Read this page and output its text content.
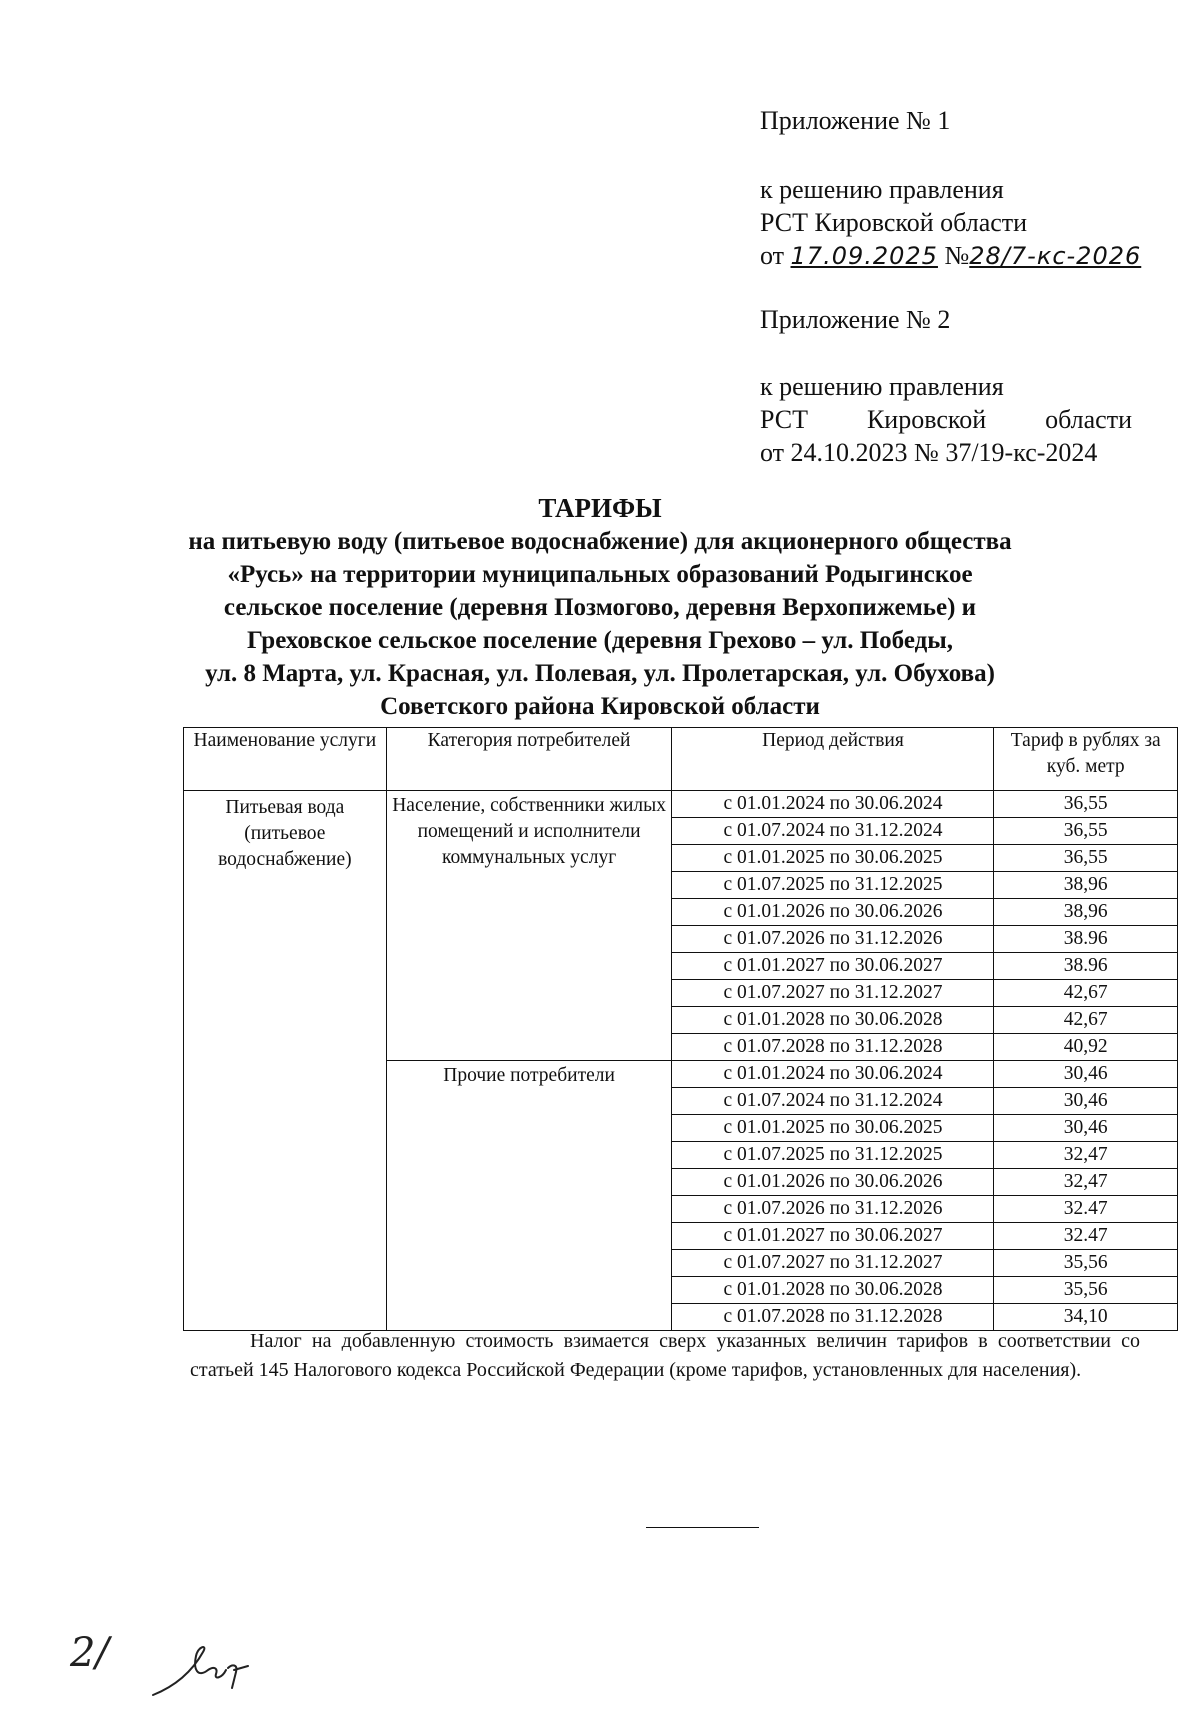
Приложение № 1
к решению правления
РСТ Кировской области
от 17.09.2025 №28/7-кс-2026
Приложение № 2
к решению правления
РСТ Кировской области
от 24.10.2023 № 37/19-кс-2024
ТАРИФЫ
на питьевую воду (питьевое водоснабжение) для акционерного общества
«Русь» на территории муниципальных образований Родыгинское
сельское поселение (деревня Позмогово, деревня Верхопижемье) и
Греховское сельское поселение (деревня Грехово – ул. Победы,
ул. 8 Марта, ул. Красная, ул. Полевая, ул. Пролетарская, ул. Обухова)
Советского района Кировской области
Наименование услуги	Категория потребителей	Период действия	Тариф в рублях за куб. метр
Питьевая вода (питьевое водоснабжение)	Население, собственники жилых помещений и исполнители коммунальных услуг	с 01.01.2024 по 30.06.2024	36,55
		с 01.07.2024 по 31.12.2024	36,55
		с 01.01.2025 по 30.06.2025	36,55
		с 01.07.2025 по 31.12.2025	38,96
		с 01.01.2026 по 30.06.2026	38,96
		с 01.07.2026 по 31.12.2026	38.96
		с 01.01.2027 по 30.06.2027	38.96
		с 01.07.2027 по 31.12.2027	42,67
		с 01.01.2028 по 30.06.2028	42,67
		с 01.07.2028 по 31.12.2028	40,92
	Прочие потребители	с 01.01.2024 по 30.06.2024	30,46
		с 01.07.2024 по 31.12.2024	30,46
		с 01.01.2025 по 30.06.2025	30,46
		с 01.07.2025 по 31.12.2025	32,47
		с 01.01.2026 по 30.06.2026	32,47
		с 01.07.2026 по 31.12.2026	32.47
		с 01.01.2027 по 30.06.2027	32.47
		с 01.07.2027 по 31.12.2027	35,56
		с 01.01.2028 по 30.06.2028	35,56
		с 01.07.2028 по 31.12.2028	34,10
Налог на добавленную стоимость взимается сверх указанных величин тарифов в соответствии со статьей 145 Налогового кодекса Российской Федерации (кроме тарифов, установленных для населения).
2/
